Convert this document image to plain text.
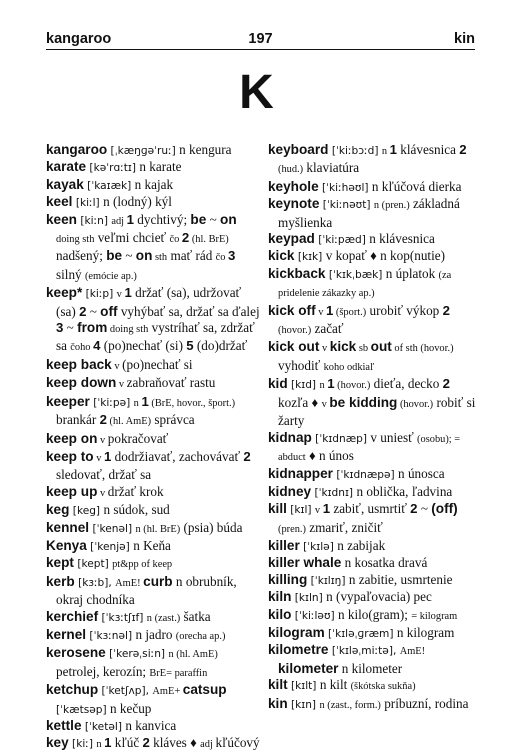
kangaroo	197	kin
K

kangaroo [ˌkæŋɡəˈruː] n kengura

karate [kəˈrɑːtɪ] n karate

kayak [ˈkaɪæk] n kajak

keel [kiːl] n (lodný) kýl

keen [kiːn] adj 1 dychtivý; be ~ on doing sth veľmi chcieť čo 2 (hl. BrE) nadšený; be ~ on sth mať rád čo 3 silný (emócie ap.)

keep* [kiːp] v 1 držať (sa), udržovať (sa) 2 ~ off vyhýbať sa, držať sa ďalej 3 ~ from doing sth vystríhať sa, zdržať sa čoho 4 (po)nechať (si) 5 (do)držať

keep back v (po)nechať si

keep down v zabraňovať rastu

keeper [ˈkiːpə] n 1 (BrE, hovor., šport.) brankár 2 (hl. AmE) správca

keep on v pokračovať

keep to v 1 dodržiavať, zachovávať 2 sledovať, držať sa

keep up v držať krok

keg [keg] n súdok, sud

kennel [ˈkenəl] n (hl. BrE) (psia) búda

Kenya [ˈkenjə] n Keňa

kept [kept] pt&pp of keep

kerb [kɜːb], AmE! curb n obrubník, okraj chodníka

kerchief [ˈkɜːtʃɪf] n (zast.) šatka

kernel [ˈkɜːnəl] n jadro (orecha ap.)

kerosene [ˈkerəˌsiːn] n (hl. AmE) petrolej, kerozín; BrE= paraffin

ketchup [ˈketʃʌp], AmE+ catsup [ˈkætsəp] n kečup

kettle [ˈketəl] n kanvica

key [kiː] n 1 kľúč 2 kláves ♦ adj kľúčový

keyboard [ˈkiːbɔːd] n 1 klávesnica 2 (hud.) klaviatúra

keyhole [ˈkiːhəʊl] n kľúčová dierka

keynote [ˈkiːnəʊt] n (pren.) základná myšlienka

keypad [ˈkiːpæd] n klávesnica

kick [kɪk] v kopať ♦ n kop(nutie)

kickback [ˈkɪkˌbæk] n úplatok (za pridelenie zákazky ap.)

kick off v 1 (šport.) urobiť výkop 2 (hovor.) začať

kick out v kick sb out of sth (hovor.) vyhodiť koho odkiaľ

kid [kɪd] n 1 (hovor.) dieťa, decko 2 kozľa ♦ v be kidding (hovor.) robiť si žarty

kidnap [ˈkɪdnæp] v uniesť (osobu); = abduct ♦ n únos

kidnapper [ˈkɪdnæpə] n únosca

kidney [ˈkɪdnɪ] n oblička, ľadvina

kill [kɪl] v 1 zabiť, usmrtiť 2 ~ (off) (pren.) zmariť, zničiť

killer [ˈkɪlə] n zabijak

killer whale n kosatka dravá

killing [ˈkɪlɪŋ] n zabitie, usmrtenie

kiln [kɪln] n (vypaľovacia) pec

kilo [ˈkiːləʊ] n kilo(gram); = kilogram

kilogram [ˈkɪləˌɡræm] n kilogram

kilometre [ˈkɪləˌmiːtə], AmE! kilometer n kilometer

kilt [kɪlt] n kilt (škótska sukňa)

kin [kɪn] n (zast., form.) príbuzní, rodina
